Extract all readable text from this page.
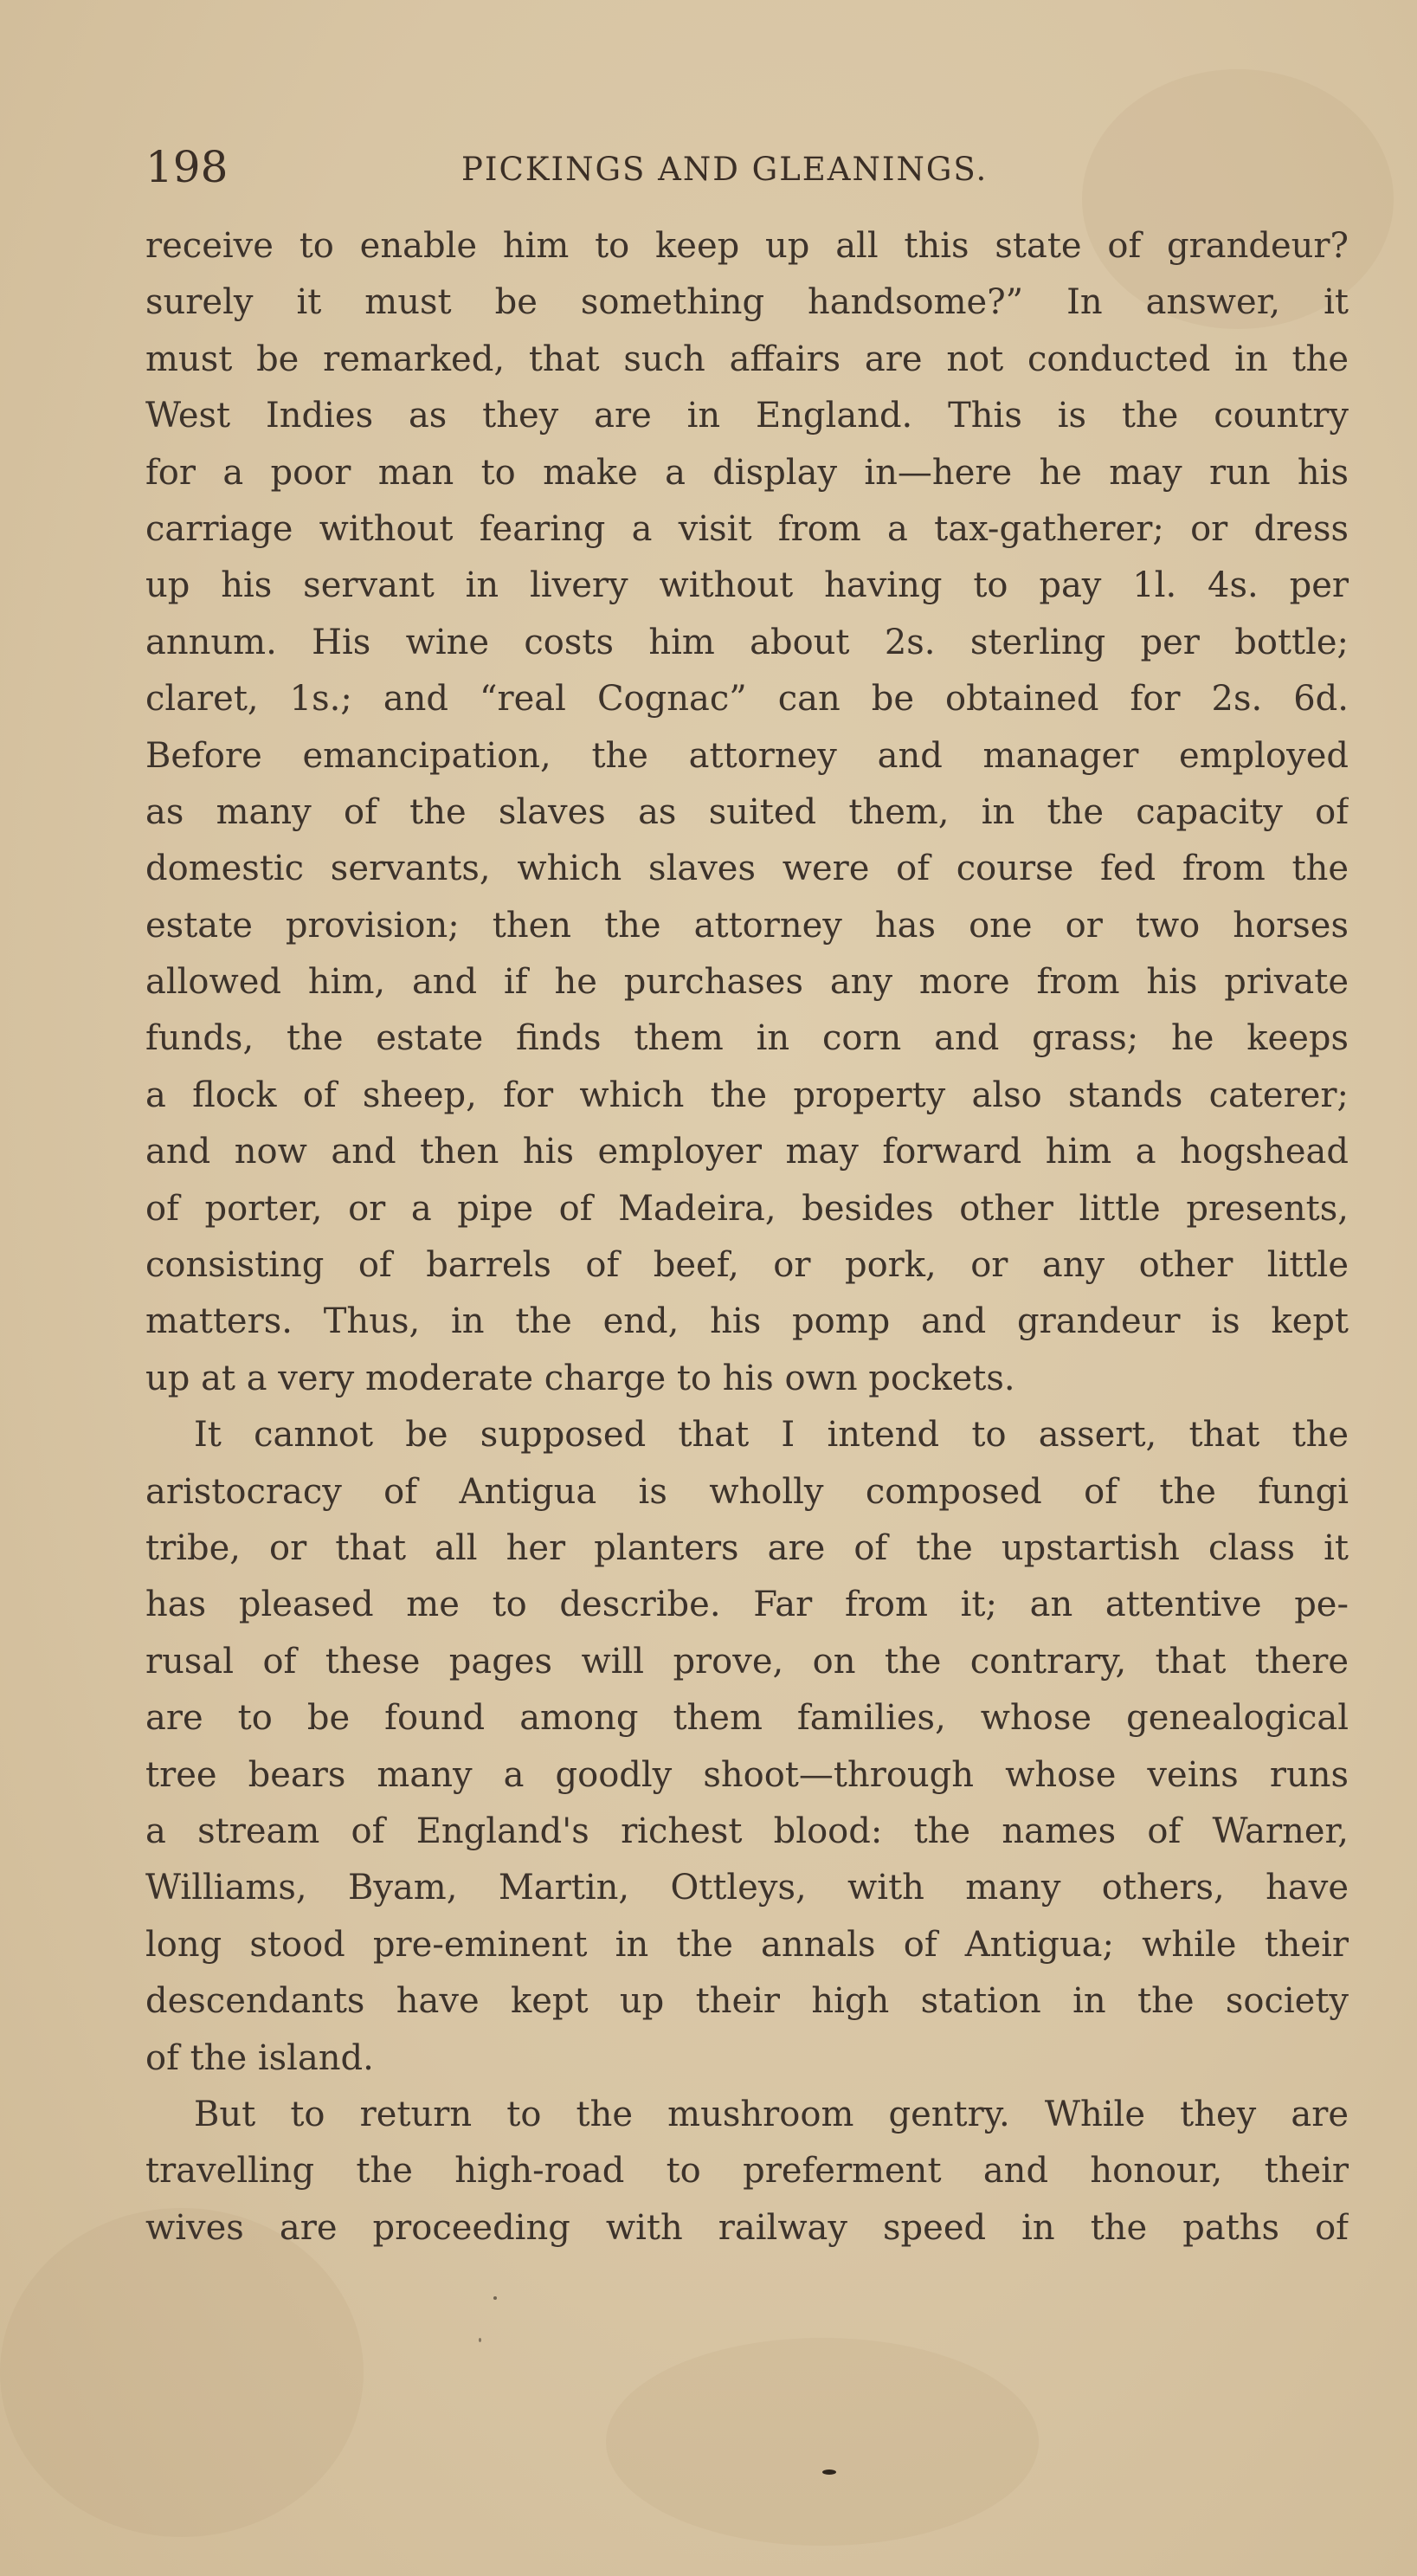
198	PICKINGS AND GLEANINGS.
receive to enable him to keep up all this state of grandeur?
surely it must be something handsome?” In answer, it
must be remarked, that such affairs are not conducted in the
West Indies as they are in England. This is the country
for a poor man to make a display in—here he may run his
carriage without fearing a visit from a tax-gatherer; or dress
up his servant in livery without having to pay 1l. 4s. per
annum. His wine costs him about 2s. sterling per bottle;
claret, 1s.; and “real Cognac” can be obtained for 2s. 6d.
Before emancipation, the attorney and manager employed
as many of the slaves as suited them, in the capacity of
domestic servants, which slaves were of course fed from the
estate provision; then the attorney has one or two horses
allowed him, and if he purchases any more from his private
funds, the estate finds them in corn and grass; he keeps
a flock of sheep, for which the property also stands caterer;
and now and then his employer may forward him a hogshead
of porter, or a pipe of Madeira, besides other little presents,
consisting of barrels of beef, or pork, or any other little
matters. Thus, in the end, his pomp and grandeur is kept
up at a very moderate charge to his own pockets.
It cannot be supposed that I intend to assert, that the
aristocracy of Antigua is wholly composed of the fungi
tribe, or that all her planters are of the upstartish class it
has pleased me to describe. Far from it; an attentive pe-
rusal of these pages will prove, on the contrary, that there
are to be found among them families, whose genealogical
tree bears many a goodly shoot—through whose veins runs
a stream of England's richest blood: the names of Warner,
Williams, Byam, Martin, Ottleys, with many others, have
long stood pre-eminent in the annals of Antigua; while their
descendants have kept up their high station in the society
of the island.
But to return to the mushroom gentry. While they are
travelling the high-road to preferment and honour, their
wives are proceeding with railway speed in the paths of
